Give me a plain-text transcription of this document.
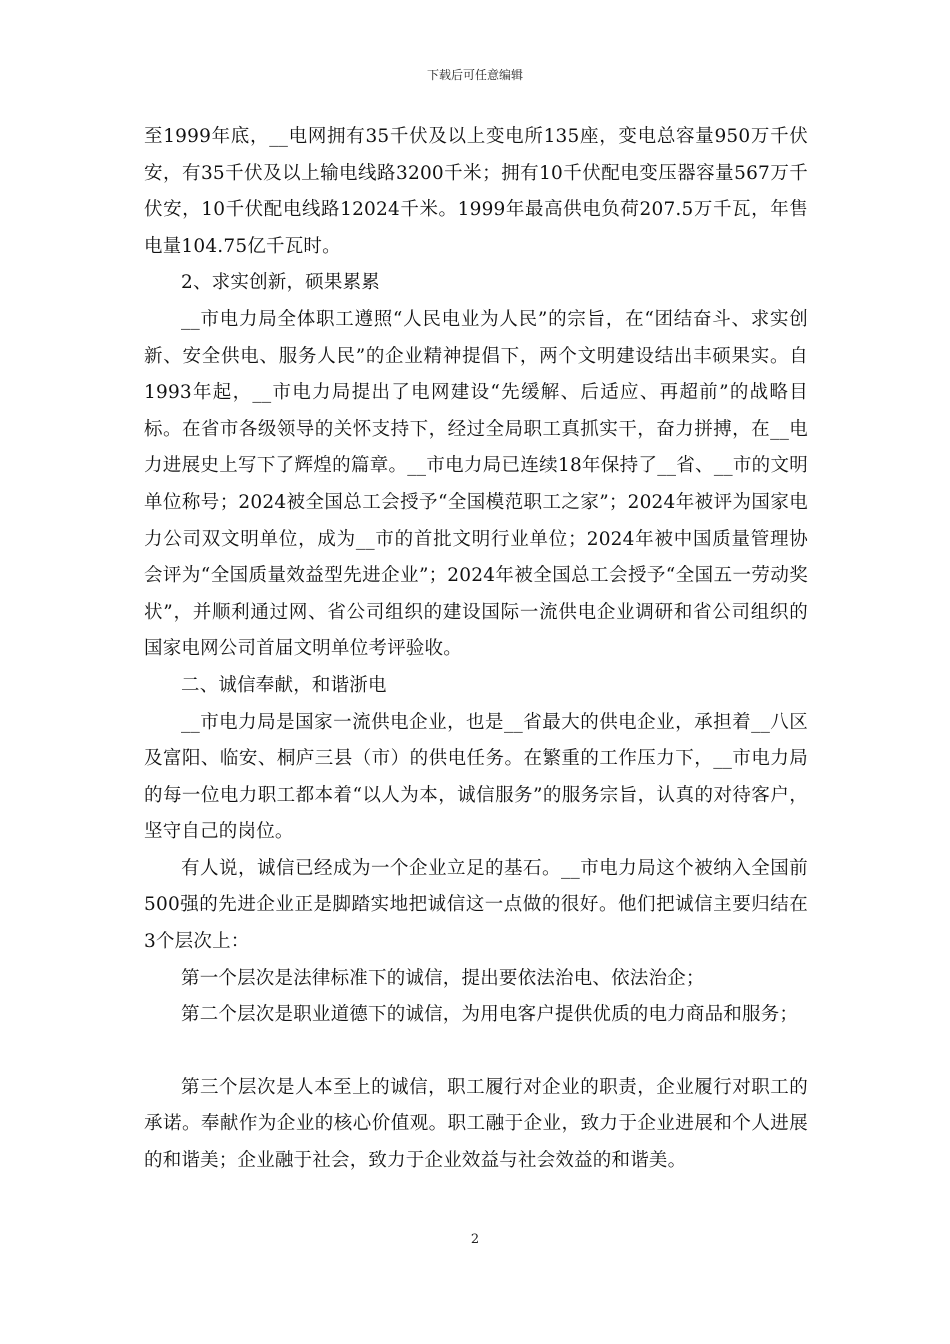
下载后可任意编辑

至1999年底，__电网拥有35千伏及以上变电所135座，变电总容量950万千伏安，有35千伏及以上输电线路3200千米；拥有10千伏配电变压器容量567万千伏安，10千伏配电线路12024千米。1999年最高供电负荷207.5万千瓦，年售电量104.75亿千瓦时。

2、求实创新，硕果累累

__市电力局全体职工遵照“人民电业为人民”的宗旨，在“团结奋斗、求实创新、安全供电、服务人民”的企业精神提倡下，两个文明建设结出丰硕果实。自1993年起，__市电力局提出了电网建设“先缓解、后适应、再超前”的战略目标。在省市各级领导的关怀支持下，经过全局职工真抓实干，奋力拼搏，在__电力进展史上写下了辉煌的篇章。__市电力局已连续18年保持了__省、__市的文明单位称号；2024被全国总工会授予“全国模范职工之家”；2024年被评为国家电力公司双文明单位，成为__市的首批文明行业单位；2024年被中国质量管理协会评为“全国质量效益型先进企业”；2024年被全国总工会授予“全国五一劳动奖状”，并顺利通过网、省公司组织的建设国际一流供电企业调研和省公司组织的国家电网公司首届文明单位考评验收。

二、诚信奉献，和谐浙电

__市电力局是国家一流供电企业，也是__省最大的供电企业，承担着__八区及富阳、临安、桐庐三县（市）的供电任务。在繁重的工作压力下，__市电力局的每一位电力职工都本着“以人为本，诚信服务”的服务宗旨，认真的对待客户，坚守自己的岗位。

有人说，诚信已经成为一个企业立足的基石。__市电力局这个被纳入全国前500强的先进企业正是脚踏实地把诚信这一点做的很好。他们把诚信主要归结在3个层次上：

第一个层次是法律标准下的诚信，提出要依法治电、依法治企；

第二个层次是职业道德下的诚信，为用电客户提供优质的电力商品和服务；

第三个层次是人本至上的诚信，职工履行对企业的职责，企业履行对职工的承诺。奉献作为企业的核心价值观。职工融于企业，致力于企业进展和个人进展的和谐美；企业融于社会，致力于企业效益与社会效益的和谐美。

2
